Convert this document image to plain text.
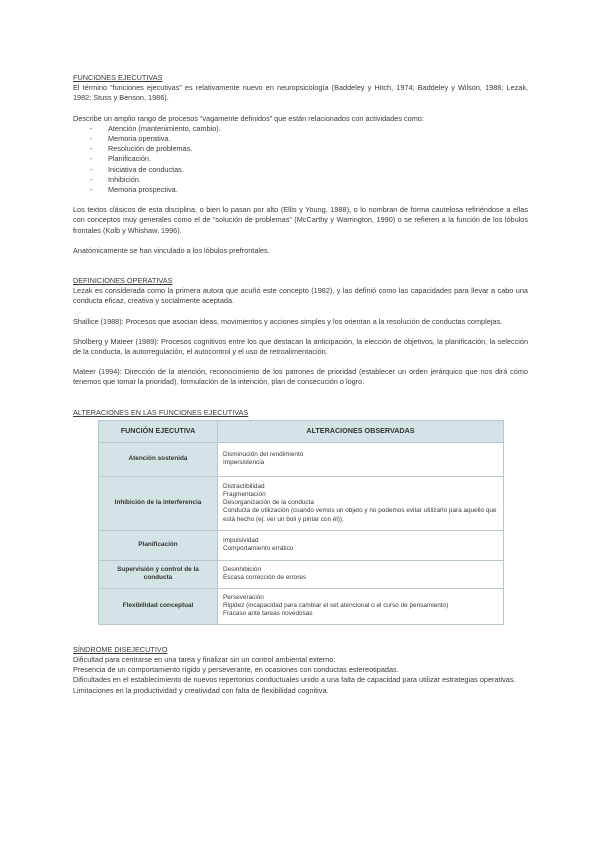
FUNCIONES EJECUTIVAS

El término “funciones ejecutivas” es relativamente nuevo en neuropsicología (Baddeley y Hitch, 1974; Baddeley y Wilson, 1988; Lezak, 1982; Stuss y Benson, 1986).

Describe un amplio rango de procesos “vagamente definidos” que están relacionados con actividades como:

- Atención (mantenimiento, cambio).
- Memoria operativa.
- Resolución de problemas.
- Planificación.
- Iniciativa de conductas.
- Inhibición.
- Memoria prospectiva.

Los textos clásicos de esta disciplina, o bien lo pasan por alto (Ellis y Young, 1988), o lo nombran de forma cautelosa refiriéndose a ellas con conceptos muy generales como el de “solución de problemas” (McCarthy y Warrington, 1990) o se refieren a la función de los lóbulos frontales (Kolb y Whishaw, 1996).

Anatómicamente se han vinculado a los lóbulos prefrontales.

DEFINICIONES OPERATIVAS

Lezak es considerada como la primera autora que acuñó este concepto (1982), y las definió como las capacidades para llevar a cabo una conducta eficaz, creativa y socialmente aceptada.

Shallice (1988): Procesos que asocian ideas, movimientos y acciones simples y los orientan a la resolución de conductas complejas.

Sholberg y Mateer (1989): Procesos cognitivos entre los que destacan la anticipación, la elección de objetivos, la planificación, la selección de la conducta, la autorregulación, el autocontrol y el uso de retroalimentación.

Mateer (1994): Dirección de la atención, reconocimiento de los patrones de prioridad (establecer un orden jerárquico que nos dirá cómo tenemos que tomar la prioridad), formulación de la intención, plan de consecución o logro.

ALTERACIONES EN LAS FUNCIONES EJECUTIVAS
FUNCIÓN EJECUTIVA	ALTERACIONES OBSERVADAS
Atención sostenida	Disminución del rendimiento
Impersistencia

Inhibición de la interferencia	Distractibilidad
Fragmentación
Desorganización de la conducta
Conducta de utilización (cuando vemos un objeto y no podemos evitar utilizarlo para aquello que está hecho (ej: ver un boli y pintar con él)).

Planificación	Impulsividad
Comportamiento errático

Supervisión y control de la conducta	Desinhibición
Escasa corrección de errores

Flexibilidad conceptual	Perseveración
Rigidez (incapacidad para cambiar el set atencional o el curso de pensamiento)
Fracaso ante tareas novedosas
SÍNDROME DISEJECUTIVO

Dificultad para centrarse en una tarea y finalizar sin un control ambiental externo.

Presencia de un comportamiento rígido y perseverante, en ocasiones con conductas estereotipadas.

Dificultades en el establecimiento de nuevos repertorios conductuales unido a una falta de capacidad para utilizar estrategias operativas.

Limitaciones en la productividad y creatividad con falta de flexibilidad cognitiva.
